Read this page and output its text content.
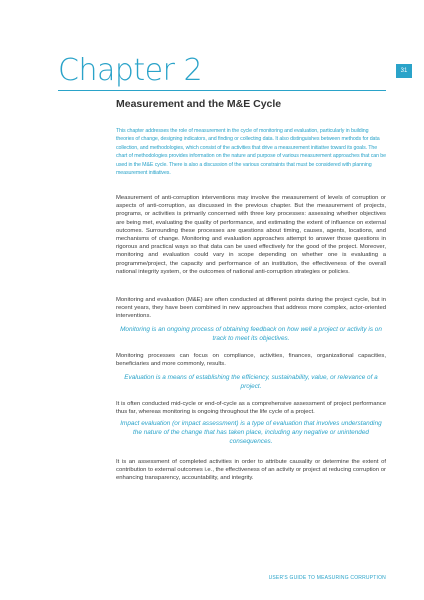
Chapter 2	31
Measurement and the M&E Cycle

This chapter addresses the role of measurement in the cycle of monitoring and evaluation, particularly in building theories of change, designing indicators, and finding or collecting data. It also distinguishes between methods for data collection, and methodologies, which consist of the activities that drive a measurement initiative toward its goals. The chart of methodologies provides information on the nature and purpose of various measurement approaches that can be used in the M&E cycle. There is also a discussion of the various constraints that must be considered with planning measurement initiatives.

Measurement of anti-corruption interventions may involve the measurement of levels of corruption or aspects of anti-corruption, as discussed in the previous chapter. But the measurement of projects, programs, or activities is primarily concerned with three key processes: assessing whether objectives are being met, evaluating the quality of performance, and estimating the extent of influence on external outcomes. Surrounding these processes are questions about timing, causes, agents, locations, and mechanisms of change. Monitoring and evaluation approaches attempt to answer those questions in rigorous and practical ways so that data can be used effectively for the good of the project. Moreover, monitoring and evaluation could vary in scope depending on whether one is evaluating a programme/project, the capacity and performance of an institution, the effectiveness of the overall national integrity system, or the outcomes of national anti-corruption strategies or policies.

Monitoring and evaluation (M&E) are often conducted at different points during the project cycle, but in recent years, they have been combined in new approaches that address more complex, actor-oriented interventions.

Monitoring is an ongoing process of obtaining feedback on how well a project or activity is on track to meet its objectives.

Monitoring processes can focus on compliance, activities, finances, organizational capacities, beneficiaries and more commonly, results.

Evaluation is a means of establishing the efficiency, sustainability, value, or relevance of a project.

It is often conducted mid-cycle or end-of-cycle as a comprehensive assessment of project performance thus far, whereas monitoring is ongoing throughout the life cycle of a project.

Impact evaluation (or impact assessment) is a type of evaluation that involves understanding the nature of the change that has taken place, including any negative or unintended consequences.

It is an assessment of completed activities in order to attribute causality or determine the extent of contribution to external outcomes i.e., the effectiveness of an activity or project at reducing corruption or enhancing transparency, accountability, and integrity.

USER'S GUIDE TO MEASURING CORRUPTION
